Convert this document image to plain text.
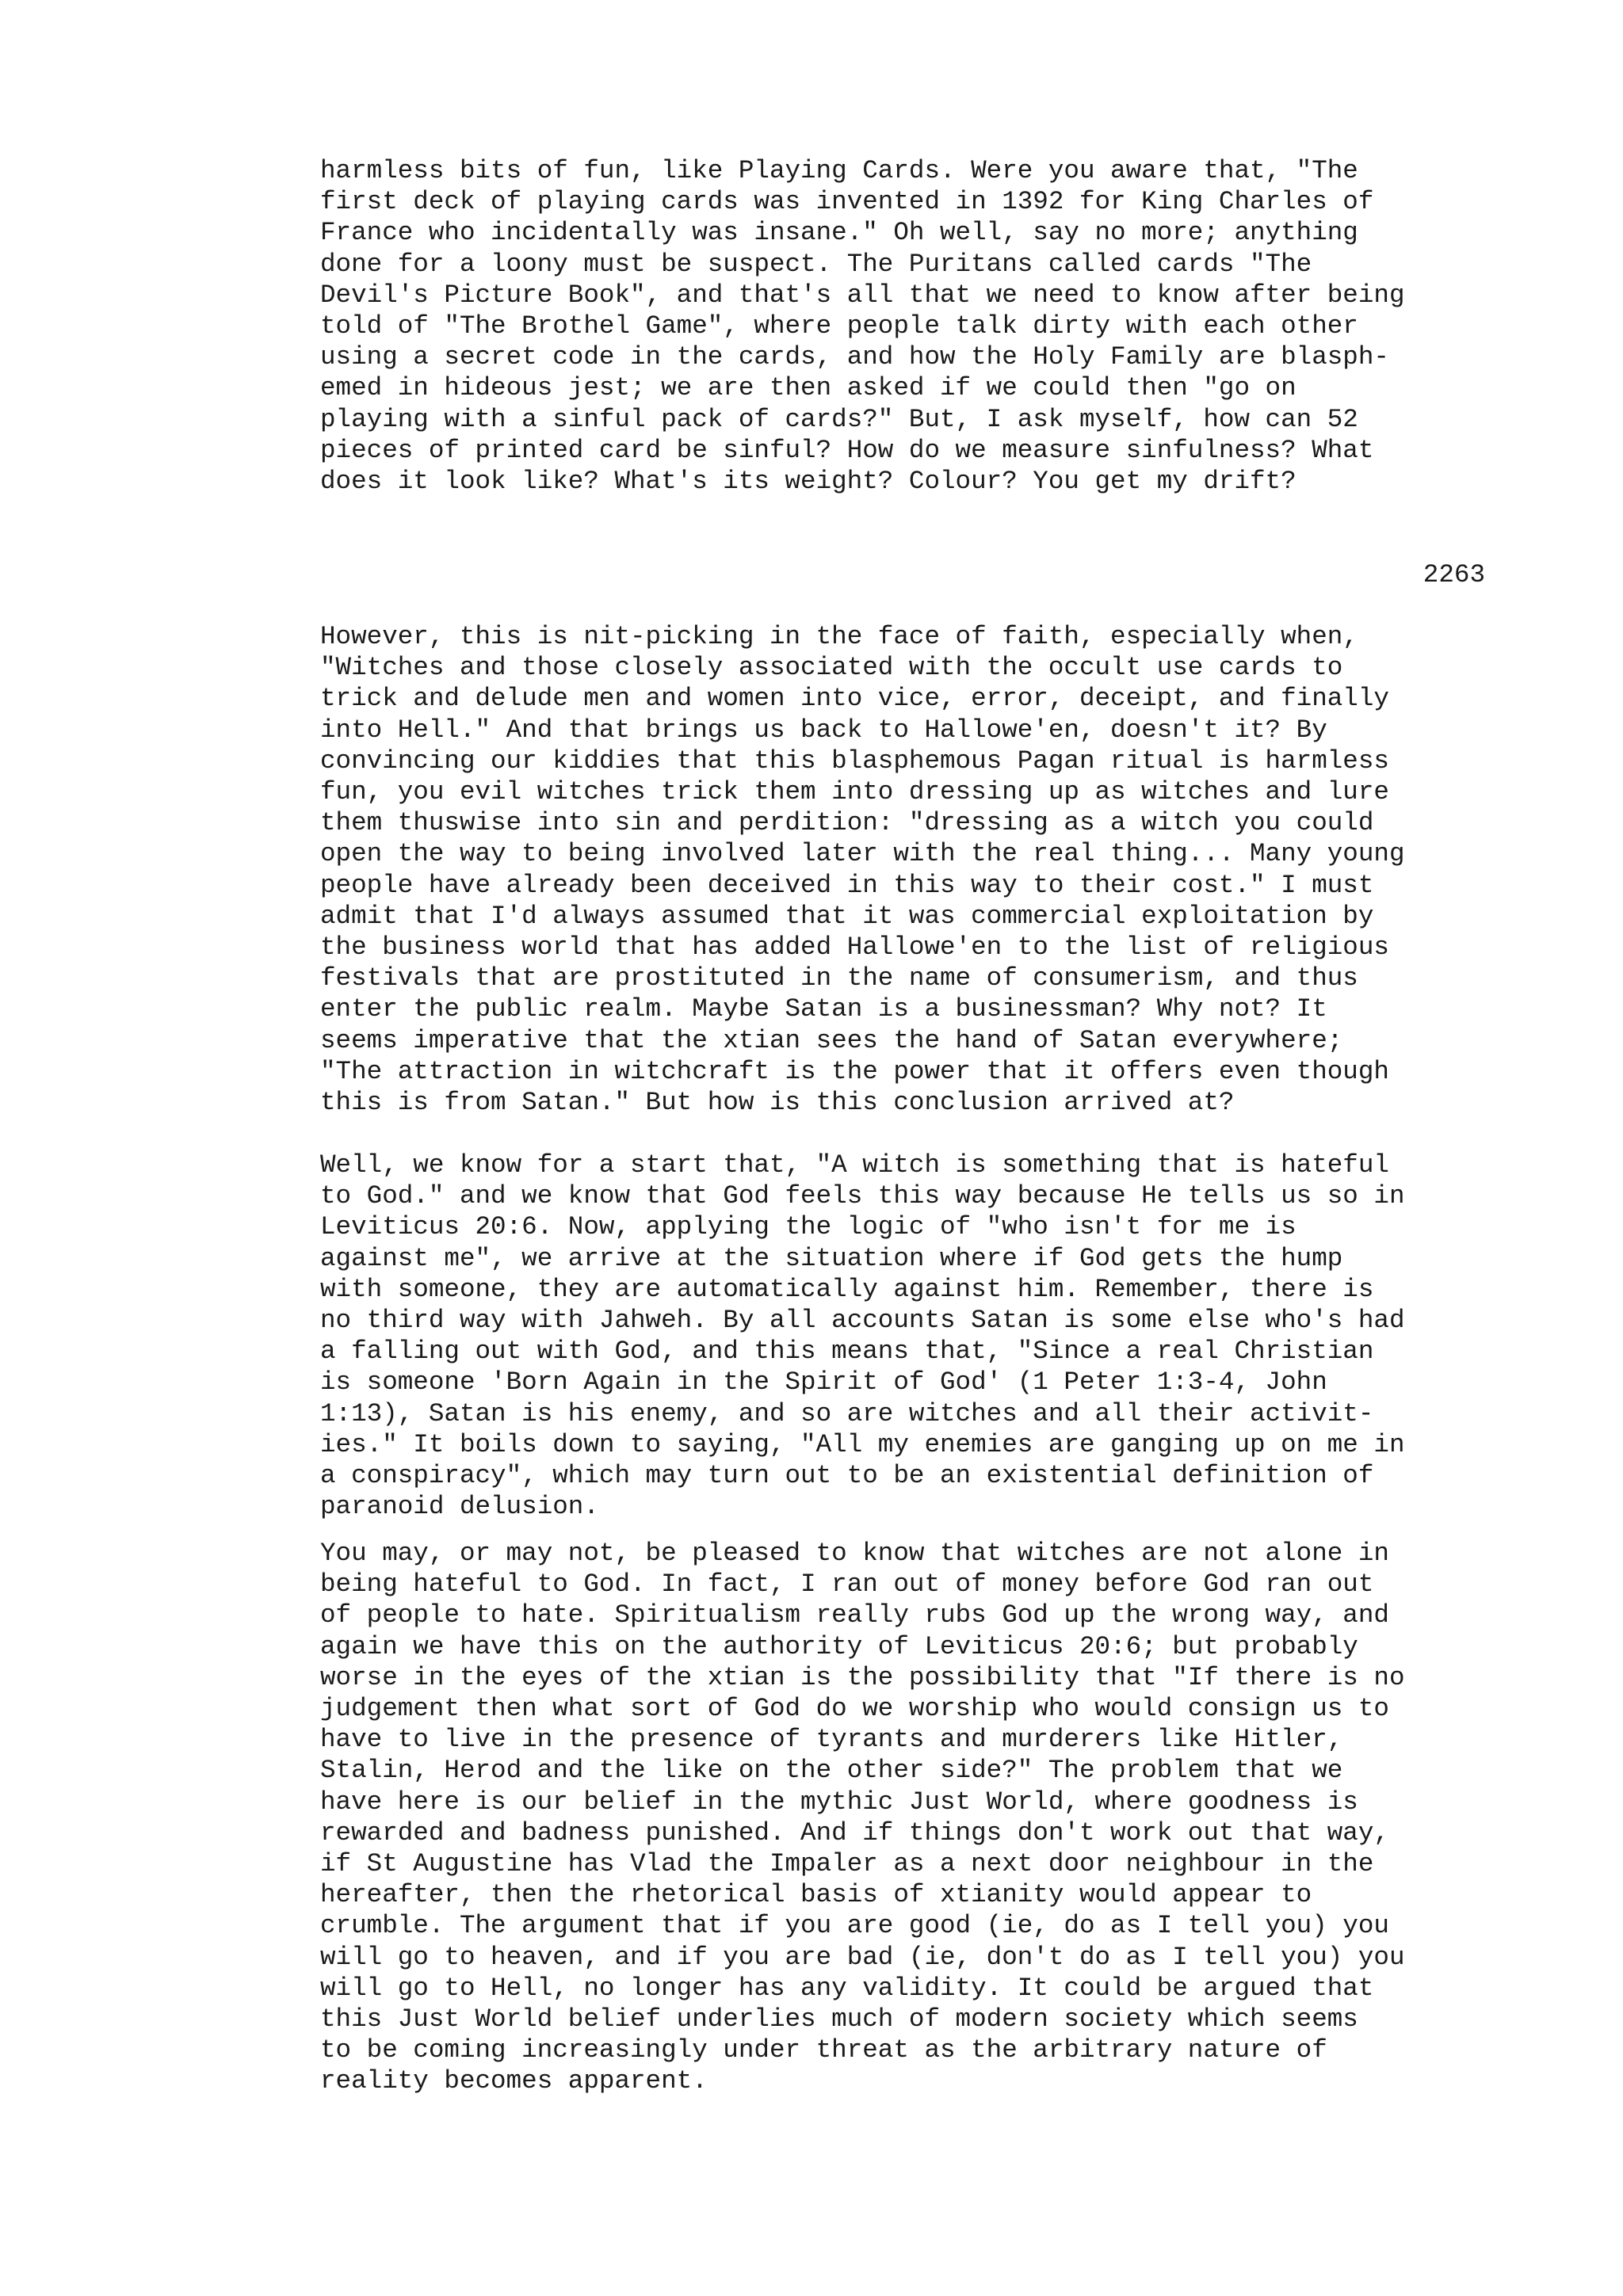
harmless bits of fun, like Playing Cards. Were you aware that, "The
first deck of playing cards was invented in 1392 for King Charles of
France who incidentally was insane." Oh well, say no more; anything
done for a loony must be suspect. The Puritans called cards "The
Devil's Picture Book", and that's all that we need to know after being
told of "The Brothel Game", where people talk dirty with each other
using a secret code in the cards, and how the Holy Family are blasph-
emed in hideous jest; we are then asked if we could then "go on
playing with a sinful pack of cards?" But, I ask myself, how can 52
pieces of printed card be sinful? How do we measure sinfulness? What
does it look like? What's its weight? Colour? You get my drift?

2263

However, this is nit-picking in the face of faith, especially when,
"Witches and those closely associated with the occult use cards to
trick and delude men and women into vice, error, deceipt, and finally
into Hell." And that brings us back to Hallowe'en, doesn't it? By
convincing our kiddies that this blasphemous Pagan ritual is harmless
fun, you evil witches trick them into dressing up as witches and lure
them thuswise into sin and perdition: "dressing as a witch you could
open the way to being involved later with the real thing... Many young
people have already been deceived in this way to their cost." I must
admit that I'd always assumed that it was commercial exploitation by
the business world that has added Hallowe'en to the list of religious
festivals that are prostituted in the name of consumerism, and thus
enter the public realm. Maybe Satan is a businessman? Why not? It
seems imperative that the xtian sees the hand of Satan everywhere;
"The attraction in witchcraft is the power that it offers even though
this is from Satan." But how is this conclusion arrived at?

Well, we know for a start that, "A witch is something that is hateful
to God." and we know that God feels this way because He tells us so in
Leviticus 20:6. Now, applying the logic of "who isn't for me is
against me", we arrive at the situation where if God gets the hump
with someone, they are automatically against him. Remember, there is
no third way with Jahweh. By all accounts Satan is some else who's had
a falling out with God, and this means that, "Since a real Christian
is someone 'Born Again in the Spirit of God' (1 Peter 1:3-4, John
1:13), Satan is his enemy, and so are witches and all their activit-
ies." It boils down to saying, "All my enemies are ganging up on me in
a conspiracy", which may turn out to be an existential definition of
paranoid delusion.

You may, or may not, be pleased to know that witches are not alone in
being hateful to God. In fact, I ran out of money before God ran out
of people to hate. Spiritualism really rubs God up the wrong way, and
again we have this on the authority of Leviticus 20:6; but probably
worse in the eyes of the xtian is the possibility that "If there is no
judgement then what sort of God do we worship who would consign us to
have to live in the presence of tyrants and murderers like Hitler,
Stalin, Herod and the like on the other side?" The problem that we
have here is our belief in the mythic Just World, where goodness is
rewarded and badness punished. And if things don't work out that way,
if St Augustine has Vlad the Impaler as a next door neighbour in the
hereafter, then the rhetorical basis of xtianity would appear to
crumble. The argument that if you are good (ie, do as I tell you) you
will go to heaven, and if you are bad (ie, don't do as I tell you) you
will go to Hell, no longer has any validity. It could be argued that
this Just World belief underlies much of modern society which seems
to be coming increasingly under threat as the arbitrary nature of
reality becomes apparent.
